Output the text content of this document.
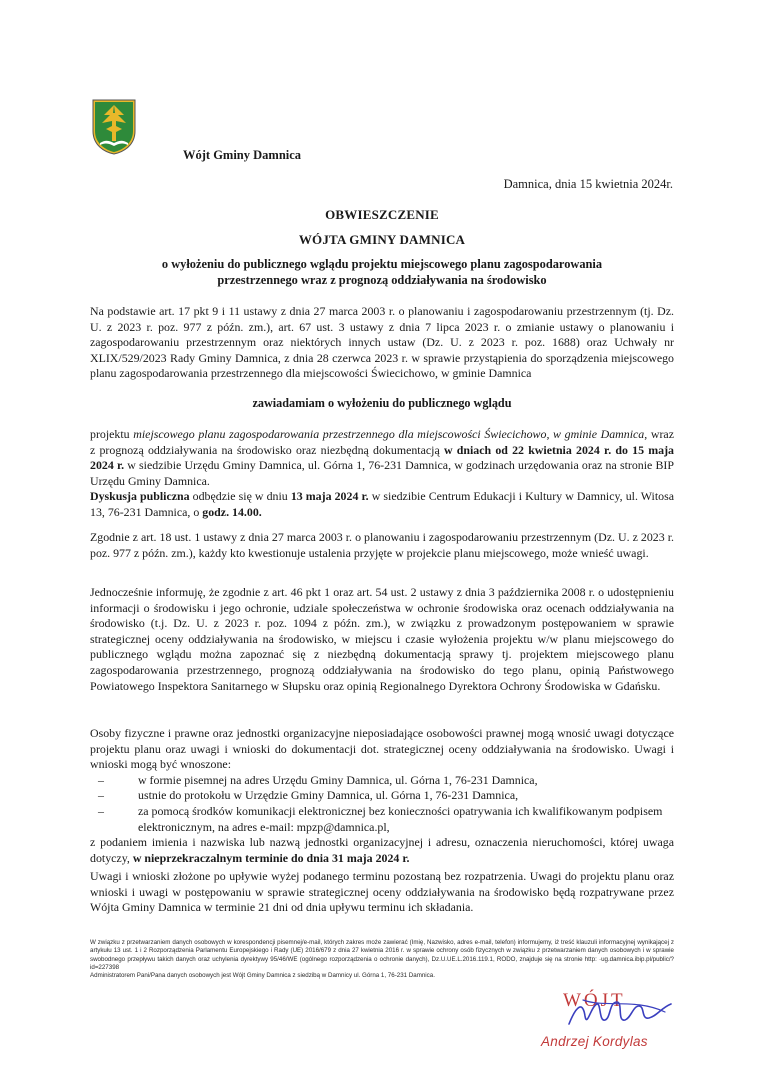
Wójt Gminy Damnica
Damnica, dnia 15 kwietnia 2024r.
OBWIESZCZENIE
WÓJTA GMINY DAMNICA
o wyłożeniu do publicznego wglądu projektu miejscowego planu zagospodarowania
przestrzennego wraz z prognozą oddziaływania na środowisko

Na podstawie art. 17 pkt 9 i 11 ustawy z dnia 27 marca 2003 r. o planowaniu i zagospodarowaniu przestrzennym (tj. Dz. U. z 2023 r. poz. 977 z późn. zm.), art. 67 ust. 3 ustawy z dnia 7 lipca 2023 r. o zmianie ustawy o planowaniu i zagospodarowaniu przestrzennym oraz niektórych innych ustaw (Dz. U. z 2023 r. poz. 1688) oraz Uchwały nr XLIX/529/2023 Rady Gminy Damnica, z dnia 28 czerwca 2023 r. w sprawie przystąpienia do sporządzenia miejscowego planu zagospodarowania przestrzennego dla miejscowości Świecichowo, w gminie Damnica

zawiadamiam o wyłożeniu do publicznego wglądu

projektu miejscowego planu zagospodarowania przestrzennego dla miejscowości Świecichowo, w gminie Damnica, wraz z prognozą oddziaływania na środowisko oraz niezbędną dokumentacją w dniach od 22 kwietnia 2024 r. do 15 maja 2024 r. w siedzibie Urzędu Gminy Damnica, ul. Górna 1, 76-231 Damnica, w godzinach urzędowania oraz na stronie BIP Urzędu Gminy Damnica.

Dyskusja publiczna odbędzie się w dniu 13 maja 2024 r. w siedzibie Centrum Edukacji i Kultury w Damnicy, ul. Witosa 13, 76-231 Damnica, o godz. 14.00.

Zgodnie z art. 18 ust. 1 ustawy z dnia 27 marca 2003 r. o planowaniu i zagospodarowaniu przestrzennym (Dz. U. z 2023 r. poz. 977 z późn. zm.), każdy kto kwestionuje ustalenia przyjęte w projekcie planu miejscowego, może wnieść uwagi.

Jednocześnie informuję, że zgodnie z art. 46 pkt 1 oraz art. 54 ust. 2 ustawy z dnia 3 października 2008 r. o udostępnieniu informacji o środowisku i jego ochronie, udziale społeczeństwa w ochronie środowiska oraz ocenach oddziaływania na środowisko (t.j. Dz. U. z 2023 r. poz. 1094 z późn. zm.), w związku z prowadzonym postępowaniem w sprawie strategicznej oceny oddziaływania na środowisko, w miejscu i czasie wyłożenia projektu w/w planu miejscowego do publicznego wglądu można zapoznać się z niezbędną dokumentacją sprawy tj. projektem miejscowego planu zagospodarowania przestrzennego, prognozą oddziaływania na środowisko do tego planu, opinią Państwowego Powiatowego Inspektora Sanitarnego w Słupsku oraz opinią Regionalnego Dyrektora Ochrony Środowiska w Gdańsku.

Osoby fizyczne i prawne oraz jednostki organizacyjne nieposiadające osobowości prawnej mogą wnosić uwagi dotyczące projektu planu oraz uwagi i wnioski do dokumentacji dot. strategicznej oceny oddziaływania na środowisko. Uwagi i wnioski mogą być wnoszone:

– w formie pisemnej na adres Urzędu Gminy Damnica, ul. Górna 1, 76-231 Damnica,
– ustnie do protokołu w Urzędzie Gminy Damnica, ul. Górna 1, 76-231 Damnica,
– za pomocą środków komunikacji elektronicznej bez konieczności opatrywania ich kwalifikowanym podpisem elektronicznym, na adres e-mail: mpzp@damnica.pl,

z podaniem imienia i nazwiska lub nazwą jednostki organizacyjnej i adresu, oznaczenia nieruchomości, której uwaga dotyczy, w nieprzekraczalnym terminie do dnia 31 maja 2024 r.

Uwagi i wnioski złożone po upływie wyżej podanego terminu pozostaną bez rozpatrzenia. Uwagi do projektu planu oraz wnioski i uwagi w postępowaniu w sprawie strategicznej oceny oddziaływania na środowisko będą rozpatrywane przez Wójta Gminy Damnica w terminie 21 dni od dnia upływu terminu ich składania.

W związku z przetwarzaniem danych osobowych w korespondencji pisemnej/e-mail, których zakres może zawierać (Imię, Nazwisko, adres e-mail, telefon) informujemy, iż treść klauzuli informacyjnej wynikającej z artykułu 13 ust. 1 i 2 Rozporządzenia Parlamentu Europejskiego i Rady (UE) 2016/679 z dnia 27 kwietnia 2016 r. w sprawie ochrony osób fizycznych w związku z przetwarzaniem danych osobowych i w sprawie swobodnego przepływu takich danych oraz uchylenia dyrektywy 95/46/WE (ogólnego rozporządzenia o ochronie danych), Dz.U.UE.L.2016.119.1, RODO, znajduje się na stronie http: ·ug.damnica.ibip.pl/public/?id=227398

Administratorem Pani/Pana danych osobowych jest Wójt Gminy Damnica z siedzibą w Damnicy ul. Górna 1, 76-231 Damnica.

WÓJT
Andrzej Kordylas
